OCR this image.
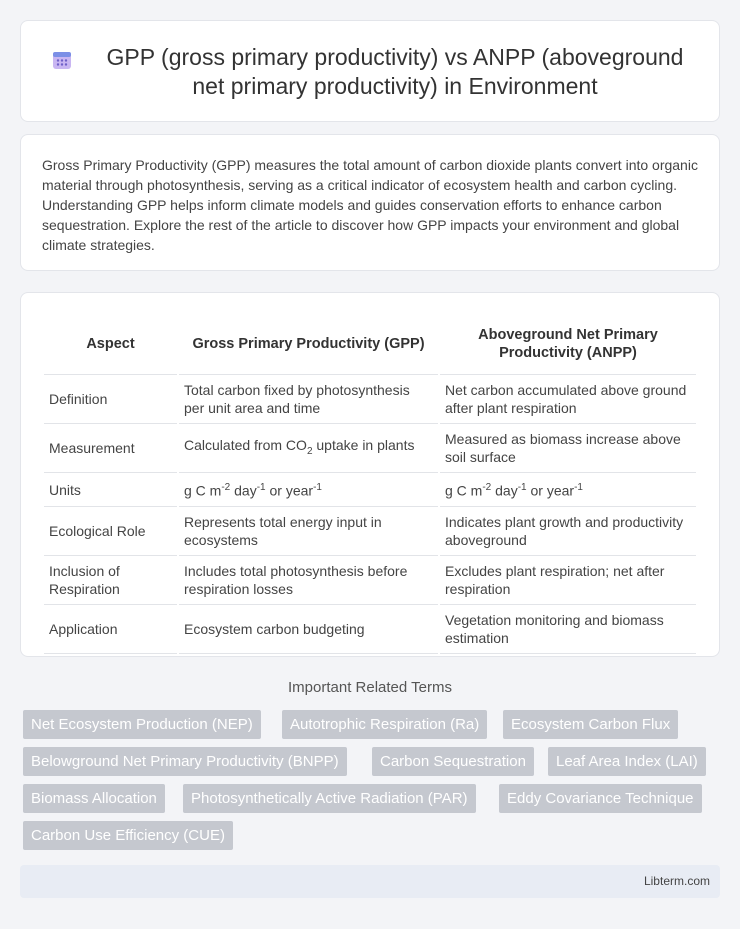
GPP (gross primary productivity) vs ANPP (aboveground net primary productivity) in Environment

Gross Primary Productivity (GPP) measures the total amount of carbon dioxide plants convert into organic material through photosynthesis, serving as a critical indicator of ecosystem health and carbon cycling. Understanding GPP helps inform climate models and guides conservation efforts to enhance carbon sequestration. Explore the rest of the article to discover how GPP impacts your environment and global climate strategies.

Aspect	Gross Primary Productivity (GPP)	Aboveground Net Primary Productivity (ANPP)
Definition	Total carbon fixed by photosynthesis per unit area and time	Net carbon accumulated above ground after plant respiration
Measurement	Calculated from $CO_2$ uptake in plants	Measured as biomass increase above soil surface
Units	g C $m^{-2}$ day$^{-1}$ or year$^{-1}$	g C $m^{-2}$ day$^{-1}$ or year$^{-1}$
Ecological Role	Represents total energy input in ecosystems	Indicates plant growth and productivity aboveground
Inclusion of Respiration	Includes total photosynthesis before respiration losses	Excludes plant respiration; net after respiration
Application	Ecosystem carbon budgeting	Vegetation monitoring and biomass estimation
Important Related Terms
Net Ecosystem Production (NEP)	Autotrophic Respiration (Ra)	Ecosystem Carbon Flux
Belowground Net Primary Productivity (BNPP)	Carbon Sequestration	Leaf Area Index (LAI)
Biomass Allocation	Photosynthetically Active Radiation (PAR)	Eddy Covariance Technique
Carbon Use Efficiency (CUE)
Libterm.com
